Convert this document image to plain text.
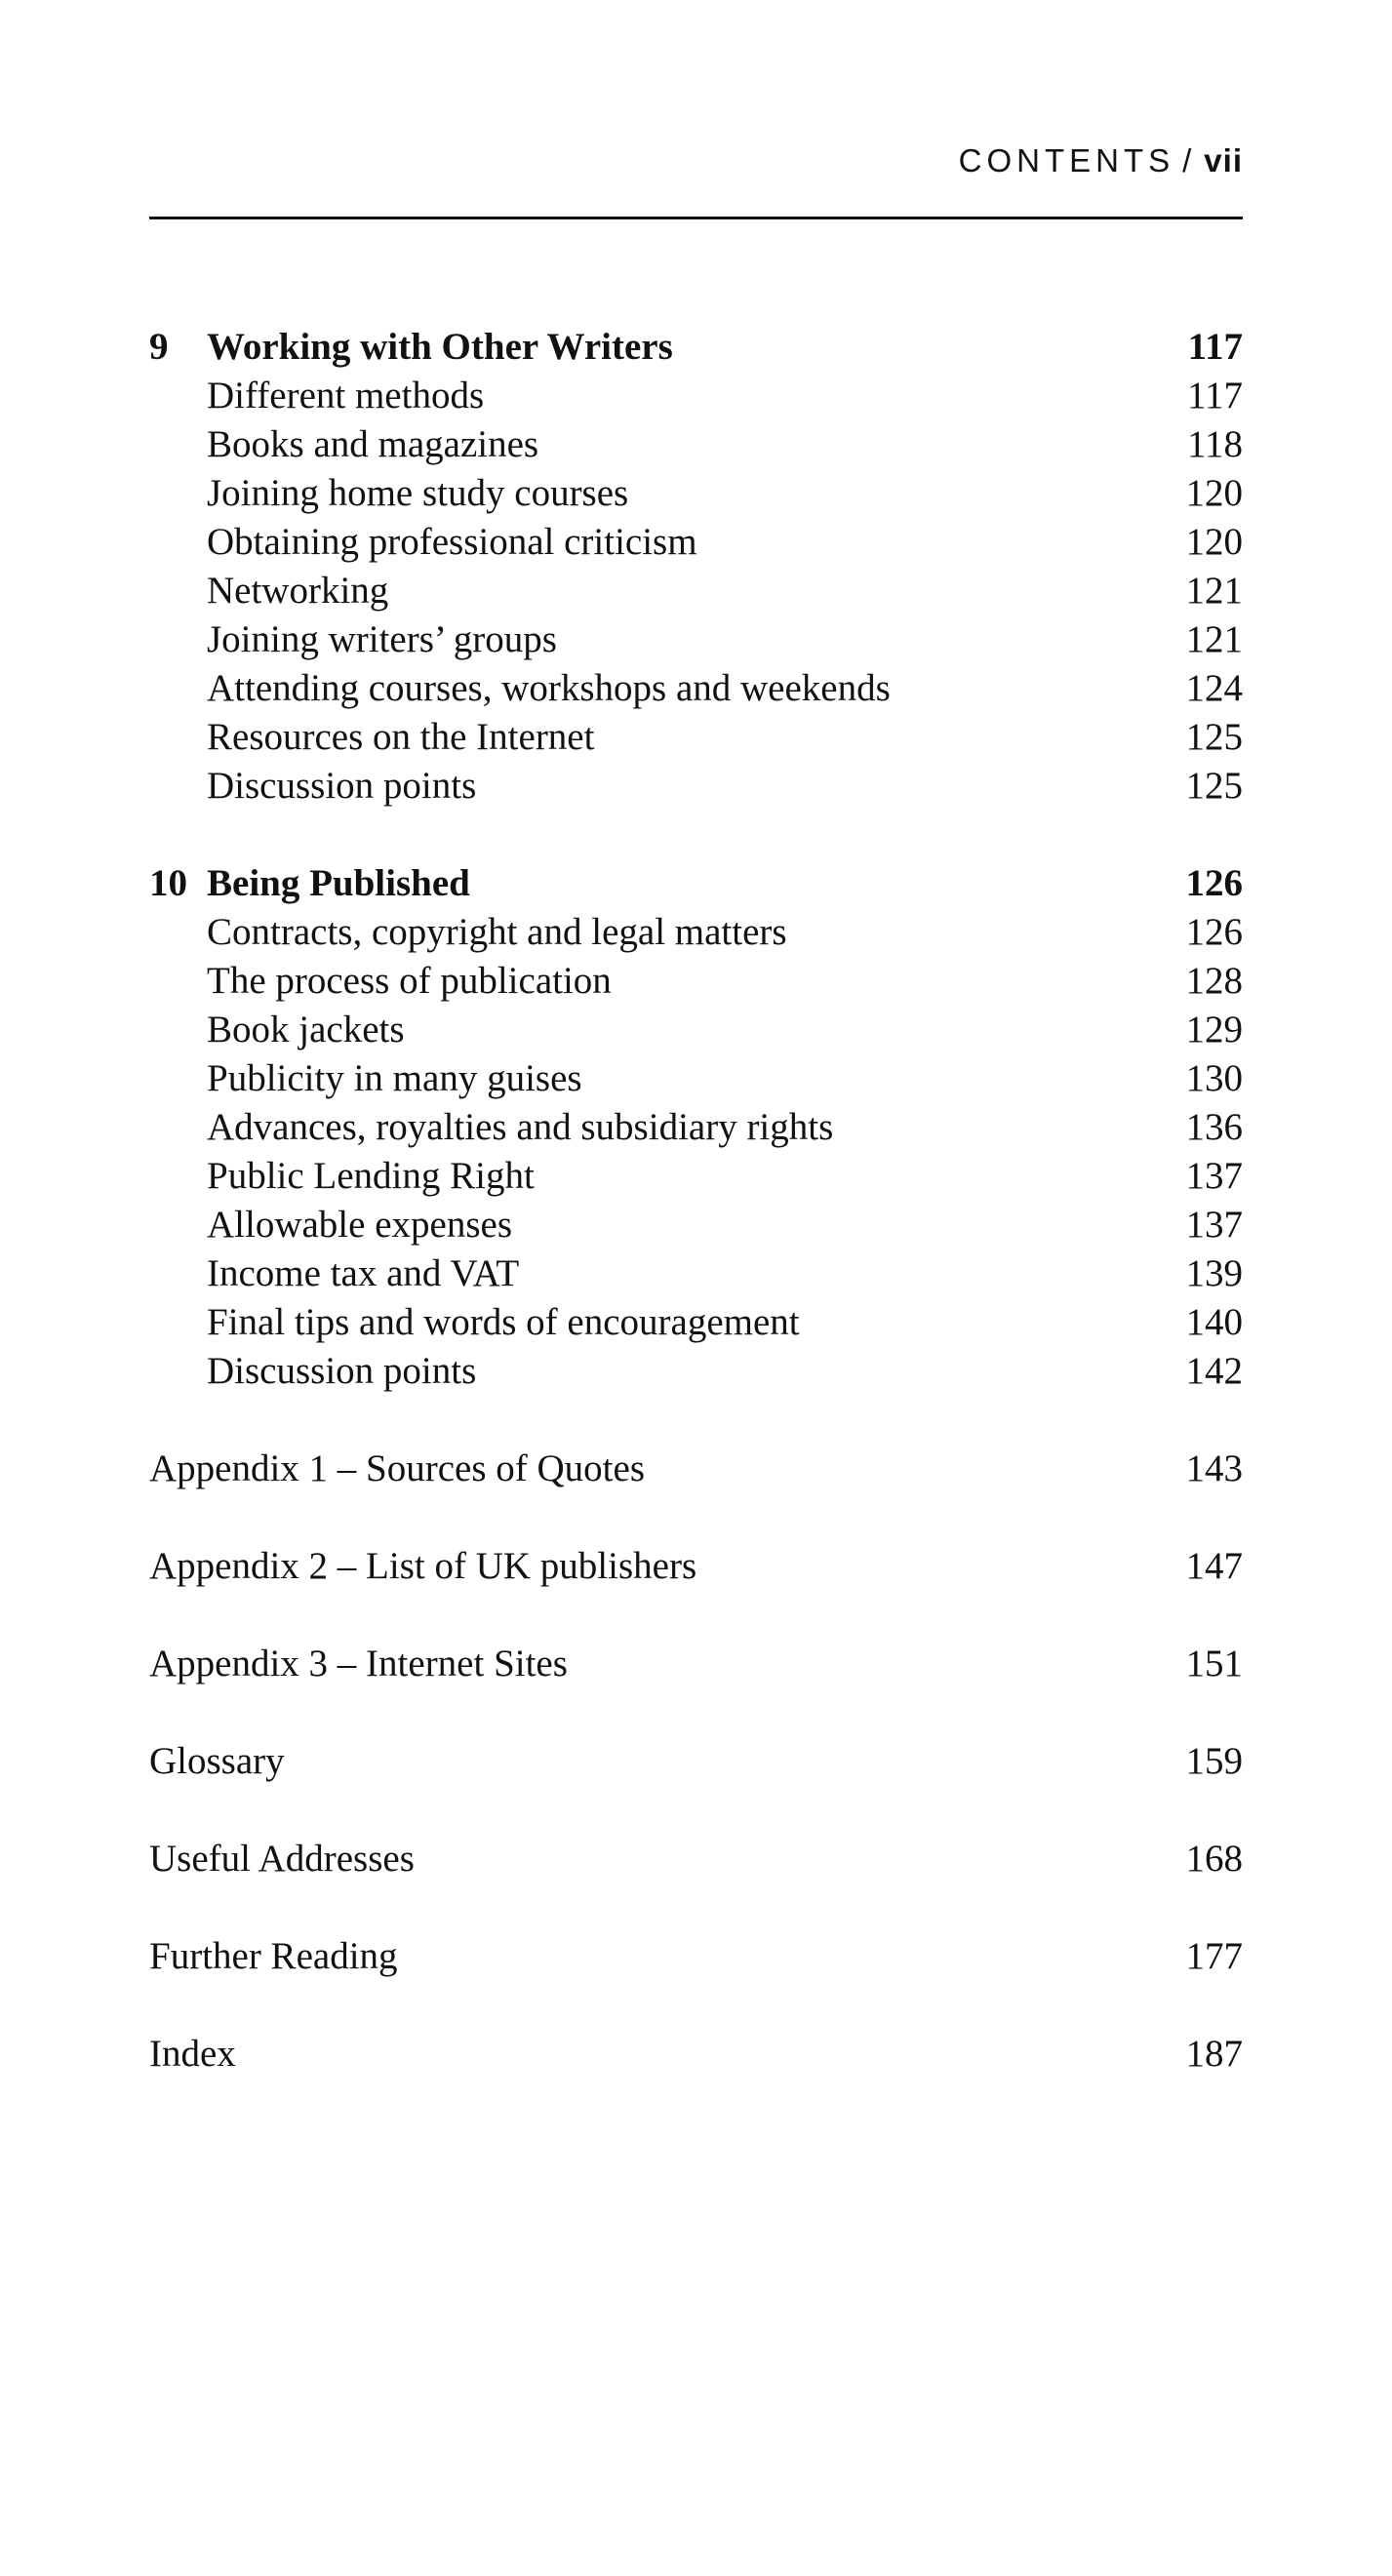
CONTENTS / vii
9	Working with Other Writers	117
Different methods	117
Books and magazines	118
Joining home study courses	120
Obtaining professional criticism	120
Networking	121
Joining writers’ groups	121
Attending courses, workshops and weekends	124
Resources on the Internet	125
Discussion points	125
10 Being Published	126
Contracts, copyright and legal matters	126
The process of publication	128
Book jackets	129
Publicity in many guises	130
Advances, royalties and subsidiary rights	136
Public Lending Right	137
Allowable expenses	137
Income tax and VAT	139
Final tips and words of encouragement	140
Discussion points	142
Appendix 1 – Sources of Quotes	143
Appendix 2 – List of UK publishers	147
Appendix 3 – Internet Sites	151
Glossary	159
Useful Addresses	168
Further Reading	177
Index	187
